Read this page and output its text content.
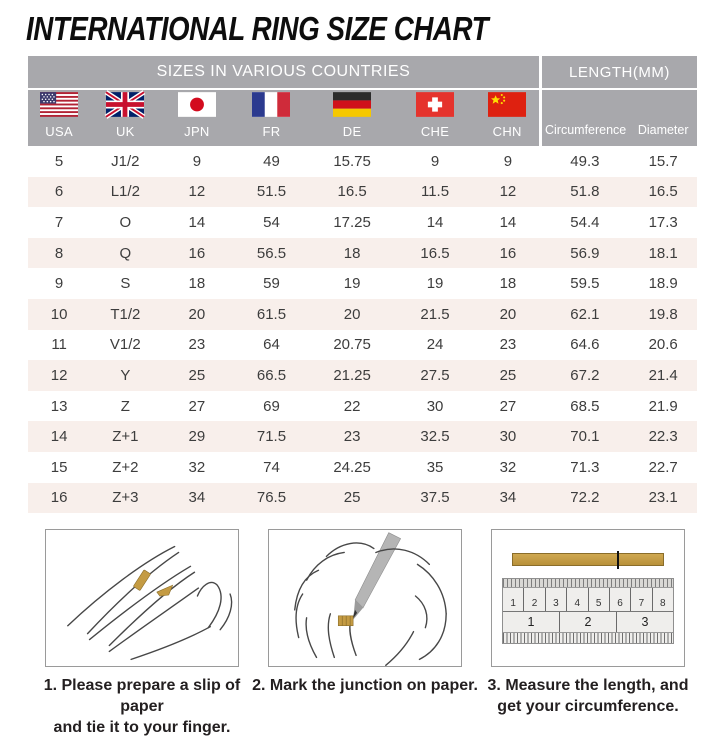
INTERNATIONAL RING SIZE CHART
SIZES IN VARIOUS COUNTRIES							LENGTH(MM)	

USA	UK	JPN	FR	DE	CHE	CHN	Circumference	Diameter

5	J1/2	9	49	15.75	9	9	49.3	15.7
6	L1/2	12	51.5	16.5	11.5	12	51.8	16.5
7	O	14	54	17.25	14	14	54.4	17.3
8	Q	16	56.5	18	16.5	16	56.9	18.1
9	S	18	59	19	19	18	59.5	18.9
10	T1/2	20	61.5	20	21.5	20	62.1	19.8
11	V1/2	23	64	20.75	24	23	64.6	20.6
12	Y	25	66.5	21.25	27.5	25	67.2	21.4
13	Z	27	69	22	30	27	68.5	21.9
14	Z+1	29	71.5	23	32.5	30	70.1	22.3
15	Z+2	32	74	24.25	35	32	71.3	22.7
16	Z+3	34	76.5	25	37.5	34	72.2	23.1
1. Please prepare a slip of paper
and tie it to your finger.
2. Mark the junction on paper.
1	2	3	4	5	6	7	8
1	2	3
3. Measure the length, and
get your circumference.
